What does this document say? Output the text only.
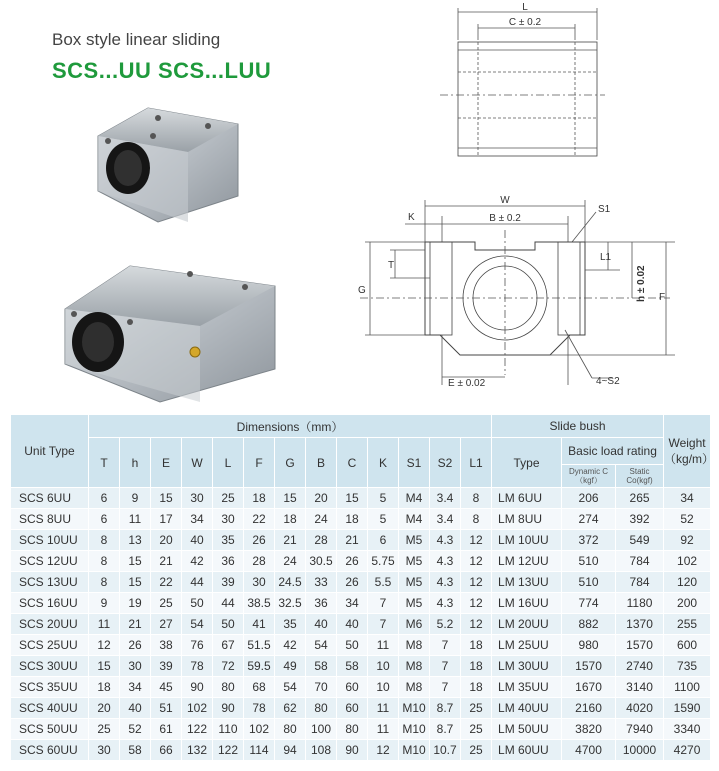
Box style linear sliding
SCS...UU SCS...LUU
L
C ± 0.2
W
B ± 0.2
K
S1
G
T
L1
h ± 0.02 F
E ± 0.02	4~S2
Unit Type	Dimensions（mm）													Slide bush			Weight（kg/m）
	T	h	E	W	L	F	G	B	C	K	S1	S2	L1	Type	Basic load rating		
															Dynamic C（kgf）	Static Co(kgf)	
SCS 6UU	6	9	15	30	25	18	15	20	15	5	M4	3.4	8	LM 6UU	206	265	34
SCS 8UU	6	11	17	34	30	22	18	24	18	5	M4	3.4	8	LM 8UU	274	392	52
SCS 10UU	8	13	20	40	35	26	21	28	21	6	M5	4.3	12	LM 10UU	372	549	92
SCS 12UU	8	15	21	42	36	28	24	30.5	26	5.75	M5	4.3	12	LM 12UU	510	784	102
SCS 13UU	8	15	22	44	39	30	24.5	33	26	5.5	M5	4.3	12	LM 13UU	510	784	120
SCS 16UU	9	19	25	50	44	38.5	32.5	36	34	7	M5	4.3	12	LM 16UU	774	1180	200
SCS 20UU	11	21	27	54	50	41	35	40	40	7	M6	5.2	12	LM 20UU	882	1370	255
SCS 25UU	12	26	38	76	67	51.5	42	54	50	11	M8	7	18	LM 25UU	980	1570	600
SCS 30UU	15	30	39	78	72	59.5	49	58	58	10	M8	7	18	LM 30UU	1570	2740	735
SCS 35UU	18	34	45	90	80	68	54	70	60	10	M8	7	18	LM 35UU	1670	3140	1100
SCS 40UU	20	40	51	102	90	78	62	80	60	11	M10	8.7	25	LM 40UU	2160	4020	1590
SCS 50UU	25	52	61	122	110	102	80	100	80	11	M10	8.7	25	LM 50UU	3820	7940	3340
SCS 60UU	30	58	66	132	122	114	94	108	90	12	M10	10.7	25	LM 60UU	4700	10000	4270
